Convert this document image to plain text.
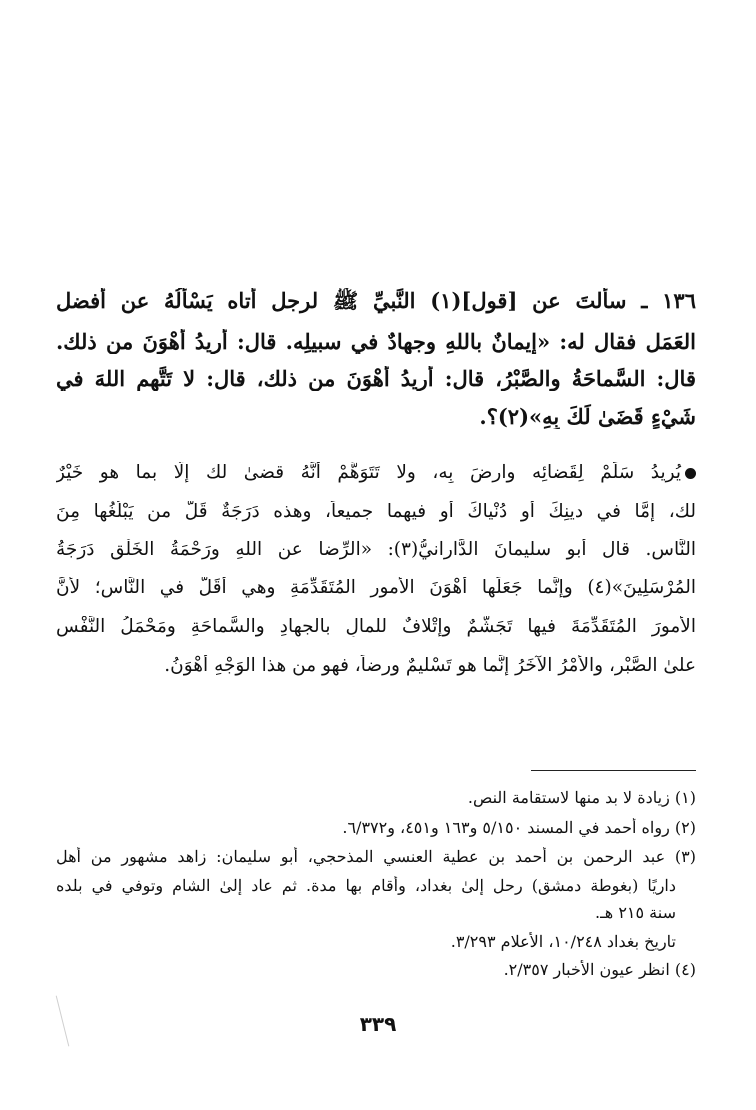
١٣٦ ـ سألتَ عن [قول](١) النَّبيِّ ﷺ لرجل أتاه يَسْألُهُ عن أفضل
العَمَل فقال له: «إيمانٌ باللهِ وجهادٌ في سبيلِه. قال: أُريدُ أهْوَنَ من ذلك.
قال: السَّماحَةُ والصَّبْرُ، قال: أُريدُ أهْوَنَ من ذلك، قال: لا تَتَّهِمِ اللهَ في
شَيْءٍ قَضَىٰ لَكَ بِهِ»(٢)؟.
يُريدُ سَلِّمْ لِقَضائِه وارضَ بِه، ولا تَتَوَهَّمْ أَنَّهُ قضىٰ لك إلّا بما هو خَيْرٌ
لك، إمَّا في دينِكَ أو دُنْياكَ أو فيهما جميعاً، وهذه دَرَجَةٌ قَلَّ من يَبْلُغُها مِنَ
النَّاس. قال أبو سليمانَ الدَّارانيُّ(٣): «الرِّضا عن اللهِ ورَحْمَةُ الخَلْقِ دَرَجَةُ
المُرْسَلِينَ»(٤) وإنَّما جَعَلَها أهْوَنَ الأمورِ المُتَقَدِّمَةِ وهي أَقَلُّ في النَّاسِ؛ لأنَّ
الأُمورَ المُتَقَدِّمَةَ فيها تَجَشُّمٌ وإتْلافٌ للمالِ بالجهادِ والسَّماحَةِ ومَحْمَلُ النَّفْسِ
علىٰ الصَّبْرِ، والأَمْرُ الآخَرُ إنَّما هو تَسْليمٌ ورِضاً، فهو من هذا الوَجْهِ أهْوَنُ.
(١) زيادة لا بد منها لاستقامة النص.
(٢) رواه أحمد في المسند ٥/١٥٠ و١٦٣ و٤٥١، و٦/٣٧٢.
(٣) عبد الرحمن بن أحمد بن عطية العنسي المذحجي، أبو سليمان: زاهد مشهور من أهل
داريًا (بغوطة دمشق) رحل إلىٰ بغداد، وأقام بها مدة. ثم عاد إلىٰ الشام وتوفي في بلده
سنة ٢١٥ هـ.
تاريخ بغداد ١٠/٢٤٨، الأعلام ٣/٢٩٣.
(٤) انظر عيون الأخبار ٢/٣٥٧.
٣٣٩
